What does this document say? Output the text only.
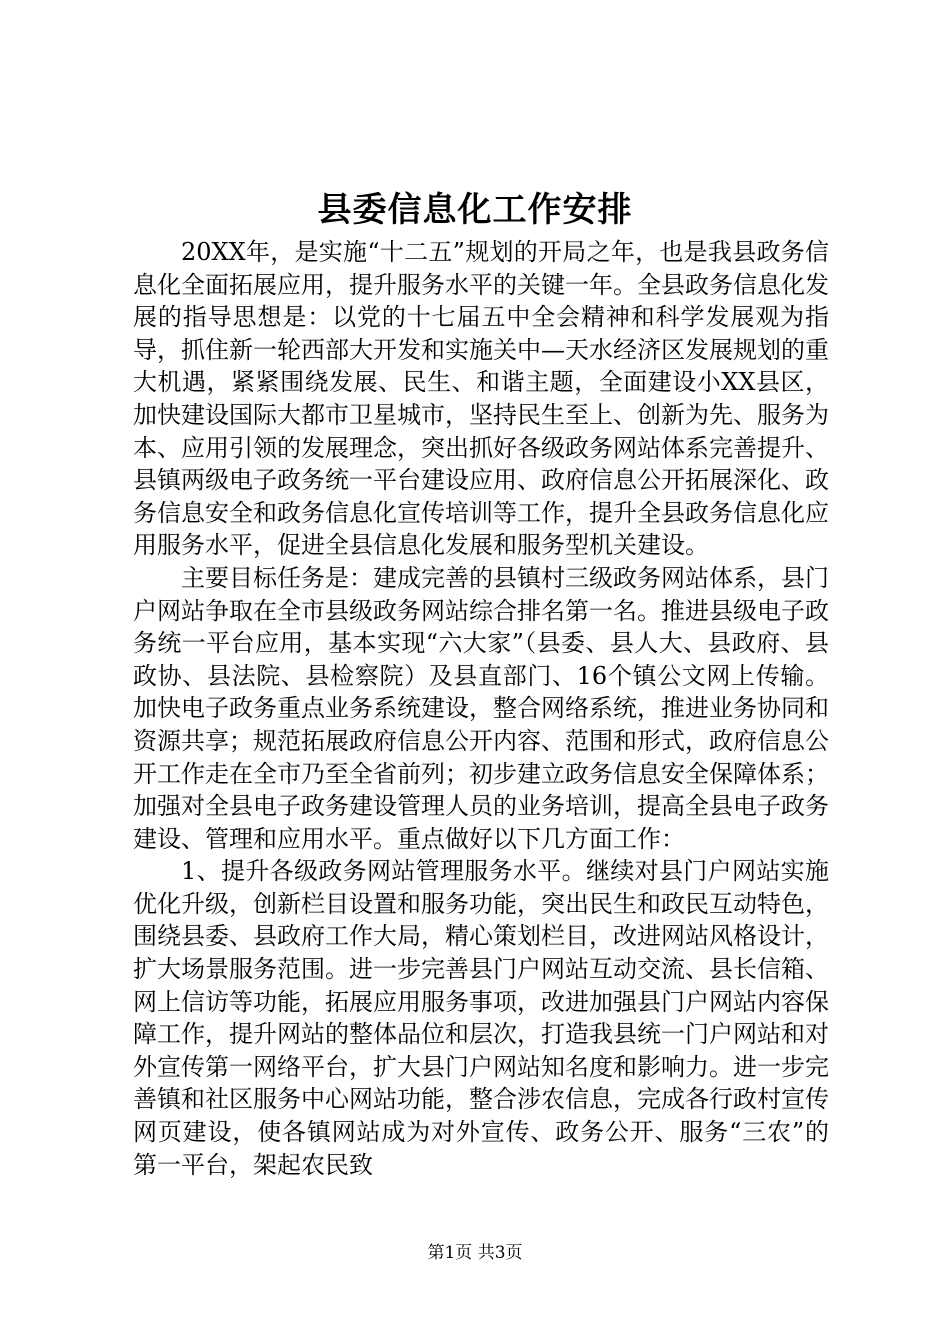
县委信息化工作安排

20XX年，是实施“十二五”规划的开局之年，也是我县政务信息化全面拓展应用，提升服务水平的关键一年。全县政务信息化发展的指导思想是：以党的十七届五中全会精神和科学发展观为指导，抓住新一轮西部大开发和实施关中—天水经济区发展规划的重大机遇，紧紧围绕发展、民生、和谐主题，全面建设小XX县区，加快建设国际大都市卫星城市，坚持民生至上、创新为先、服务为本、应用引领的发展理念，突出抓好各级政务网站体系完善提升、县镇两级电子政务统一平台建设应用、政府信息公开拓展深化、政务信息安全和政务信息化宣传培训等工作，提升全县政务信息化应用服务水平，促进全县信息化发展和服务型机关建设。

主要目标任务是：建成完善的县镇村三级政务网站体系，县门户网站争取在全市县级政务网站综合排名第一名。推进县级电子政务统一平台应用，基本实现“六大家”（县委、县人大、县政府、县政协、县法院、县检察院）及县直部门、16个镇公文网上传输。加快电子政务重点业务系统建设，整合网络系统，推进业务协同和资源共享；规范拓展政府信息公开内容、范围和形式，政府信息公开工作走在全市乃至全省前列；初步建立政务信息安全保障体系；加强对全县电子政务建设管理人员的业务培训，提高全县电子政务建设、管理和应用水平。重点做好以下几方面工作：

1、提升各级政务网站管理服务水平。继续对县门户网站实施优化升级，创新栏目设置和服务功能，突出民生和政民互动特色，围绕县委、县政府工作大局，精心策划栏目，改进网站风格设计，扩大场景服务范围。进一步完善县门户网站互动交流、县长信箱、网上信访等功能，拓展应用服务事项，改进加强县门户网站内容保障工作，提升网站的整体品位和层次，打造我县统一门户网站和对外宣传第一网络平台，扩大县门户网站知名度和影响力。进一步完善镇和社区服务中心网站功能，整合涉农信息，完成各行政村宣传网页建设，使各镇网站成为对外宣传、政务公开、服务“三农”的第一平台，架起农民致

第1页 共3页
